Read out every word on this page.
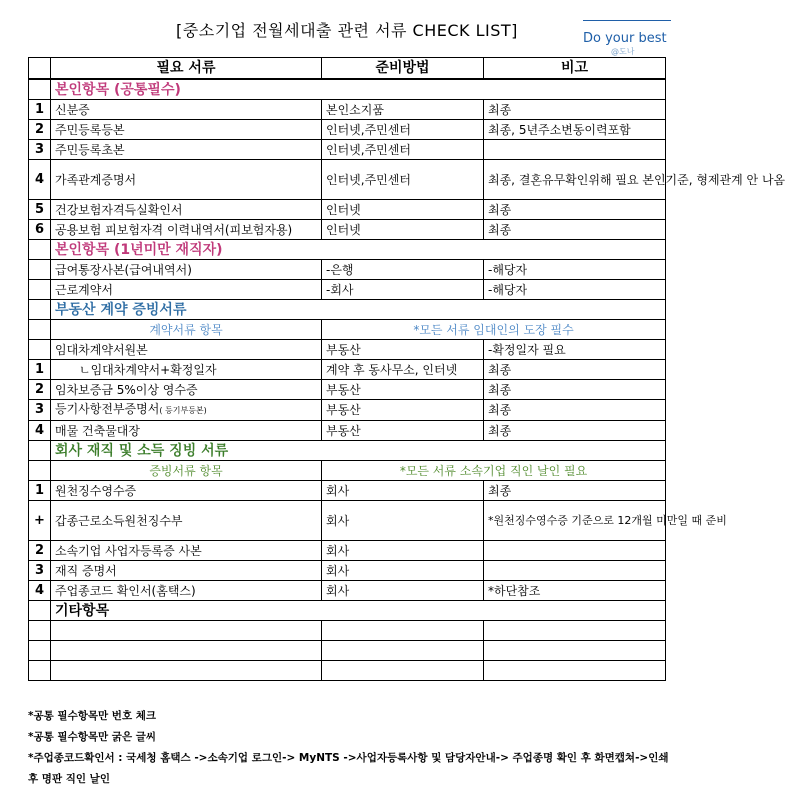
[중소기업 전월세대출 관련 서류 CHECK LIST]	Do your best
@도나
	필요 서류	준비방법	비고
	본인항목 (공통필수)		
1	신분증	본인소지품	최종
2	주민등록등본	인터넷,주민센터	최종, 5년주소변동이력포함
3	주민등록초본	인터넷,주민센터	
4	가족관계증명서	인터넷,주민센터	최종, 결혼유무확인위해 필요 본인기준, 형제관계 안 나옴
5	건강보험자격득실확인서	인터넷	최종
6	공용보험 피보험자격 이력내역서(피보험자용)	인터넷	최종
	본인항목 (1년미만 재직자)		
	급여통장사본(급여내역서)	-은행	-해당자
	근로계약서	-회사	-해당자
	부동산 계약 증빙서류		
	계약서류 항목	*모든 서류 임대인의 도장 필수	
	임대차계약서원본	부동산	-확정일자 필요
1	ㄴ임대차계약서+확정일자	계약 후 동사무소, 인터넷	최종
2	임차보증금 5%이상 영수증	부동산	최종
3	등기사항전부증명서( 등기부등본)	부동산	최종
4	매물 건축물대장	부동산	최종
	회사 재직 및 소득 징빙 서류		
	증빙서류 항목	*모든 서류 소속기업 직인 날인 필요	
1	원천징수영수증	회사	최종
+	갑종근로소득원천징수부	회사	*원천징수영수증 기준으로 12개월 미만일 때 준비
2	소속기업 사업자등록증 사본	회사	
3	재직 증명서	회사	
4	주업종코드 확인서(홈택스)	회사	*하단참조
	기타항목		

*공통 필수항목만 번호 체크
*공통 필수항목만 굵은 글씨
*주업종코드확인서 : 국세청 홈택스 ->소속기업 로그인-> MyNTS ->사업자등록사항 및 담당자안내-> 주업종명 확인 후 화면캡쳐->인쇄 후 명판 직인 날인
